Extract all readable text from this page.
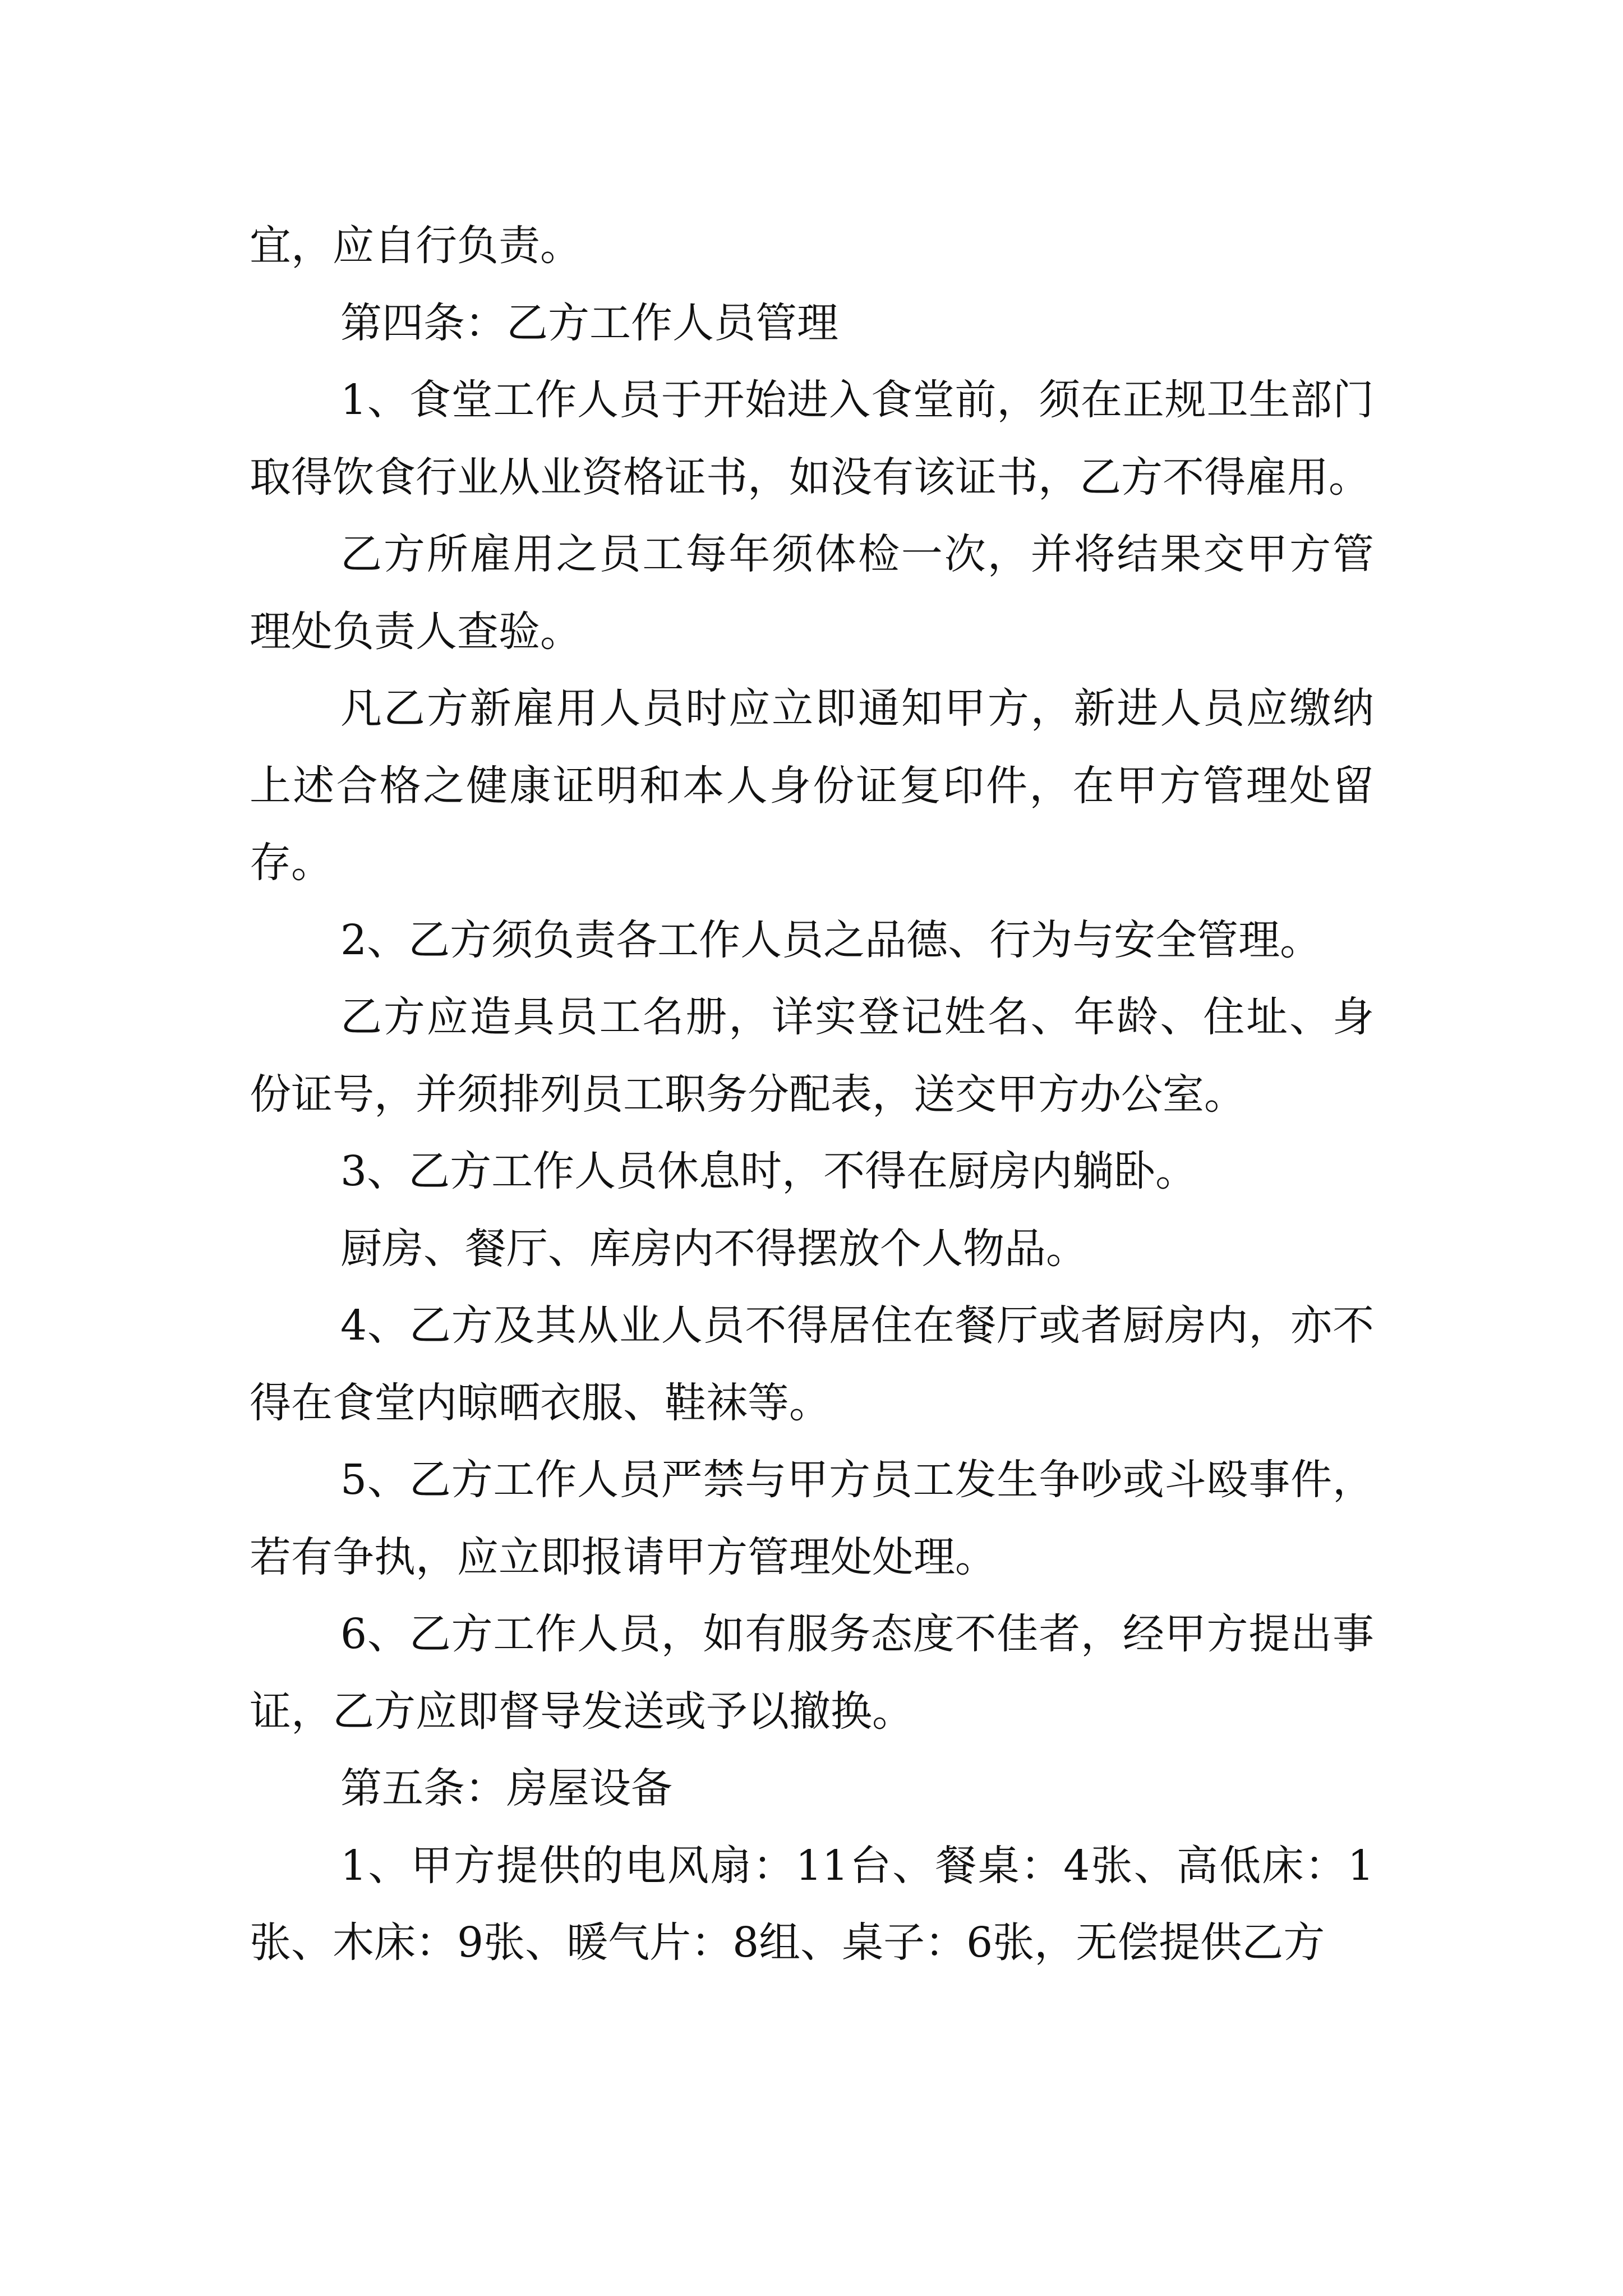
宜，应自行负责。

第四条：乙方工作人员管理

1、食堂工作人员于开始进入食堂前，须在正规卫生部门取得饮食行业从业资格证书，如没有该证书，乙方不得雇用。

乙方所雇用之员工每年须体检一次，并将结果交甲方管理处负责人查验。

凡乙方新雇用人员时应立即通知甲方，新进人员应缴纳上述合格之健康证明和本人身份证复印件，在甲方管理处留存。

2、乙方须负责各工作人员之品德、行为与安全管理。

乙方应造具员工名册，详实登记姓名、年龄、住址、身份证号，并须排列员工职务分配表，送交甲方办公室。

3、乙方工作人员休息时，不得在厨房内躺卧。

厨房、餐厅、库房内不得摆放个人物品。

4、乙方及其从业人员不得居住在餐厅或者厨房内，亦不得在食堂内晾晒衣服、鞋袜等。

5、乙方工作人员严禁与甲方员工发生争吵或斗殴事件，若有争执，应立即报请甲方管理处处理。

6、乙方工作人员，如有服务态度不佳者，经甲方提出事证，乙方应即督导发送或予以撤换。

第五条：房屋设备

1、甲方提供的电风扇：11台、餐桌：4张、高低床：1张、木床：9张、暖气片：8组、桌子：6张，无偿提供乙方
